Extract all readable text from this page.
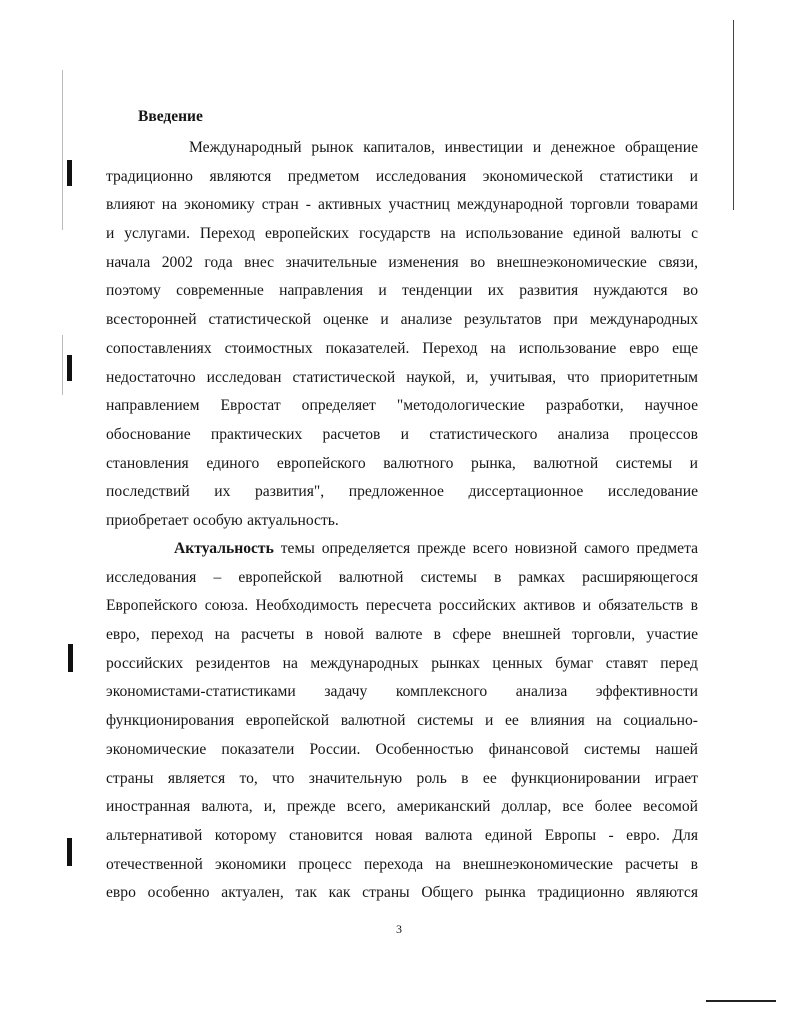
Введение
Международный рынок капиталов, инвестиции и денежное обращение
традиционно являются предметом исследования экономической статистики и
влияют на экономику стран - активных участниц международной торговли товарами
и услугами. Переход европейских государств на использование единой валюты с
начала 2002 года внес значительные изменения во внешнеэкономические связи,
поэтому современные направления и тенденции их развития нуждаются во
всесторонней статистической оценке и анализе результатов при международных
сопоставлениях стоимостных показателей. Переход на использование евро еще
недостаточно исследован статистической наукой, и, учитывая, что приоритетным
направлением Евростат определяет "методологические разработки, научное
обоснование практических расчетов и статистического анализа процессов
становления единого европейского валютного рынка, валютной системы и
последствий их развития", предложенное диссертационное исследование
приобретает особую актуальность.
Актуальность темы определяется прежде всего новизной самого предмета
исследования – европейской валютной системы в рамках расширяющегося
Европейского союза. Необходимость пересчета российских активов и обязательств в
евро, переход на расчеты в новой валюте в сфере внешней торговли, участие
российских резидентов на международных рынках ценных бумаг ставят перед
экономистами-статистиками задачу комплексного анализа эффективности
функционирования европейской валютной системы и ее влияния на социально-
экономические показатели России. Особенностью финансовой системы нашей
страны является то, что значительную роль в ее функционировании играет
иностранная валюта, и, прежде всего, американский доллар, все более весомой
альтернативой которому становится новая валюта единой Европы - евро. Для
отечественной экономики процесс перехода на внешнеэкономические расчеты в
евро особенно актуален, так как страны Общего рынка традиционно являются
3
